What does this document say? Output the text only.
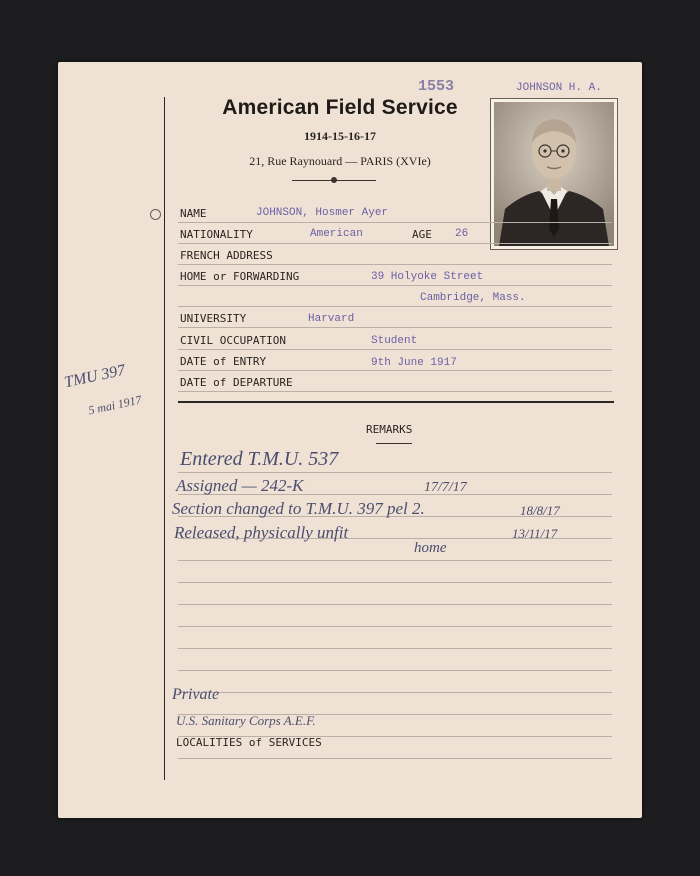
American Field Service
1914-15-16-17
21, Rue Raynouard — PARIS (XVIe)
1553	JOHNSON H. A.
NAME	JOHNSON, Hosmer Ayer
NATIONALITY	American	AGE 26
FRENCH ADDRESS
HOME or FORWARDING	39 Holyoke Street
Cambridge, Mass.
UNIVERSITY	Harvard
CIVIL OCCUPATION	Student
DATE of ENTRY	9th June 1917
DATE of DEPARTURE
TMU 397
5 mai 1917
REMARKS
Entered T.M.U. 537
Assigned — 242-K	17/7/17
Section changed to T.M.U. 397 pel 2.	18/8/17
Released, physically unfit	13/11/17
home
Private
U.S. Sanitary Corps A.E.F.
LOCALITIES of SERVICES
